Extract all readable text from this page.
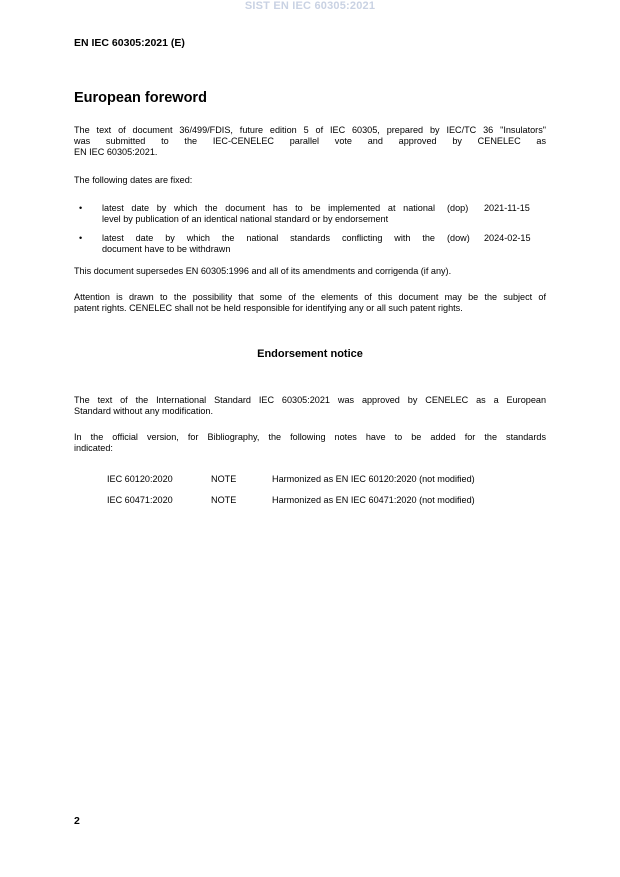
SIST EN IEC 60305:2021
EN IEC 60305:2021 (E)
European foreword
The text of document 36/499/FDIS, future edition 5 of IEC 60305, prepared by IEC/TC 36 "Insulators"
was submitted to the IEC-CENELEC parallel vote and approved by CENELEC as
EN IEC 60305:2021.
The following dates are fixed:
• latest date by which the document has to be implemented at national
level by publication of an identical national standard or by endorsement
(dop) 2021-11-15
• latest date by which the national standards conflicting with the
document have to be withdrawn
(dow) 2024-02-15
This document supersedes EN 60305:1996 and all of its amendments and corrigenda (if any).
Attention is drawn to the possibility that some of the elements of this document may be the subject of
patent rights. CENELEC shall not be held responsible for identifying any or all such patent rights.
Endorsement notice
The text of the International Standard IEC 60305:2021 was approved by CENELEC as a European
Standard without any modification.
In the official version, for Bibliography, the following notes have to be added for the standards
indicated:
IEC 60120:2020	NOTE	Harmonized as EN IEC 60120:2020 (not modified)
IEC 60471:2020	NOTE	Harmonized as EN IEC 60471:2020 (not modified)
2
